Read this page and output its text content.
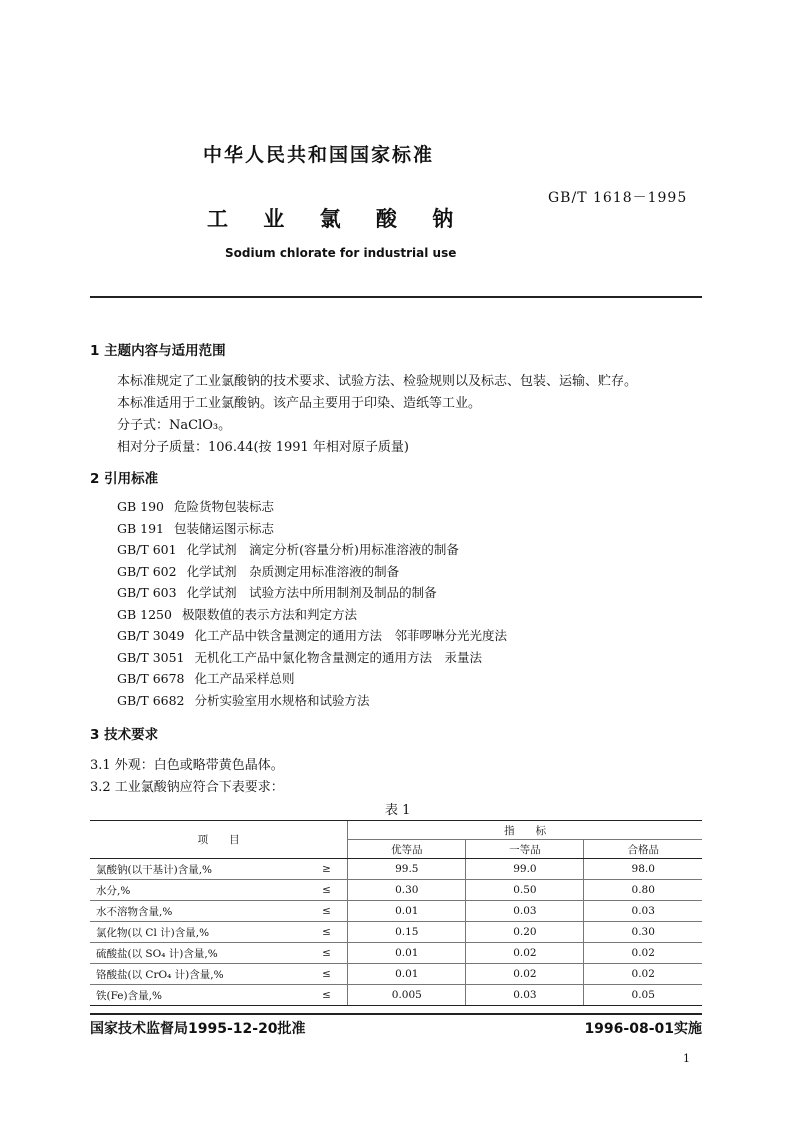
中华人民共和国国家标准
工 业 氯 酸 钠
GB/T 1618－1995
Sodium chlorate for industrial use
1 主题内容与适用范围
本标准规定了工业氯酸钠的技术要求、试验方法、检验规则以及标志、包装、运输、贮存。
本标准适用于工业氯酸钠。该产品主要用于印染、造纸等工业。
分子式：NaClO₃。
相对分子质量：106.44(按 1991 年相对原子质量)
2 引用标准
GB 190 危险货物包装标志
GB 191 包装储运图示标志
GB/T 601 化学试剂　滴定分析(容量分析)用标准溶液的制备
GB/T 602 化学试剂　杂质测定用标准溶液的制备
GB/T 603 化学试剂　试验方法中所用制剂及制品的制备
GB 1250 极限数值的表示方法和判定方法
GB/T 3049 化工产品中铁含量测定的通用方法　邻菲啰啉分光光度法
GB/T 3051 无机化工产品中氯化物含量测定的通用方法　汞量法
GB/T 6678 化工产品采样总则
GB/T 6682 分析实验室用水规格和试验方法
3 技术要求
3.1 外观：白色或略带黄色晶体。
3.2 工业氯酸钠应符合下表要求：
表 1
项　　目		指　　标		
		优等品	一等品	合格品
氯酸钠(以干基计)含量,%	≥	99.5	99.0	98.0
水分,%	≤	0.30	0.50	0.80
水不溶物含量,%	≤	0.01	0.03	0.03
氯化物(以 Cl 计)含量,%	≤	0.15	0.20	0.30
硫酸盐(以 SO₄ 计)含量,%	≤	0.01	0.02	0.02
铬酸盐(以 CrO₄ 计)含量,%	≤	0.01	0.02	0.02
铁(Fe)含量,%	≤	0.005	0.03	0.05
国家技术监督局1995-12-20批准	1996-08-01实施
1
